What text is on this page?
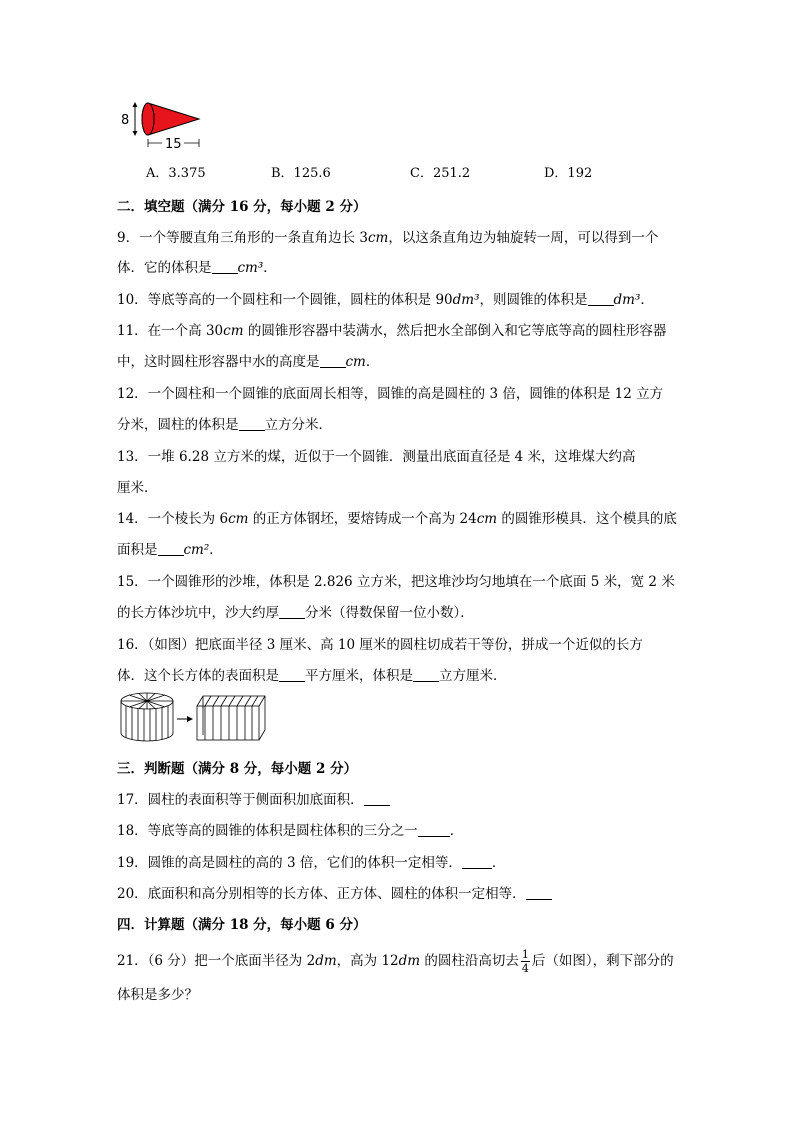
8
15
A．3.375	B．125.6	C．251.2	D．192
二．填空题（满分 16 分，每小题 2 分）
9．一个等腰直角三角形的一条直角边长 3cm，以这条直角边为轴旋转一周，可以得到一个
体．它的体积是 cm³．
10．等底等高的一个圆柱和一个圆锥，圆柱的体积是 90dm³，则圆锥的体积是 dm³．
11．在一个高 30cm 的圆锥形容器中装满水，然后把水全部倒入和它等底等高的圆柱形容器
中，这时圆柱形容器中水的高度是 cm．
12．一个圆柱和一个圆锥的底面周长相等，圆锥的高是圆柱的 3 倍，圆锥的体积是 12 立方
分米，圆柱的体积是 立方分米．
13．一堆 6.28 立方米的煤，近似于一个圆锥．测量出底面直径是 4 米，这堆煤大约高
厘米．
14．一个棱长为 6cm 的正方体钢坯，要熔铸成一个高为 24cm 的圆锥形模具．这个模具的底
面积是 cm²．
15．一个圆锥形的沙堆，体积是 2.826 立方米，把这堆沙均匀地填在一个底面 5 米，宽 2 米
的长方体沙坑中，沙大约厚 分米（得数保留一位小数）．
16．（如图）把底面半径 3 厘米、高 10 厘米的圆柱切成若干等份，拼成一个近似的长方
体．这个长方体的表面积是 平方厘米，体积是 立方厘米．
三．判断题（满分 8 分，每小题 2 分）
17．圆柱的表面积等于侧面积加底面积．
18．等底等高的圆锥的体积是圆柱体积的三分之一 ．
19．圆锥的高是圆柱的高的 3 倍，它们的体积一定相等． ．
20．底面积和高分别相等的长方体、正方体、圆柱的体积一定相等．
四．计算题（满分 18 分，每小题 6 分）
21．（6 分）把一个底面半径为 2dm，高为 12dm 的圆柱沿高切去 $\frac{1}{4}$ 后（如图），剩下部分的
体积是多少？
